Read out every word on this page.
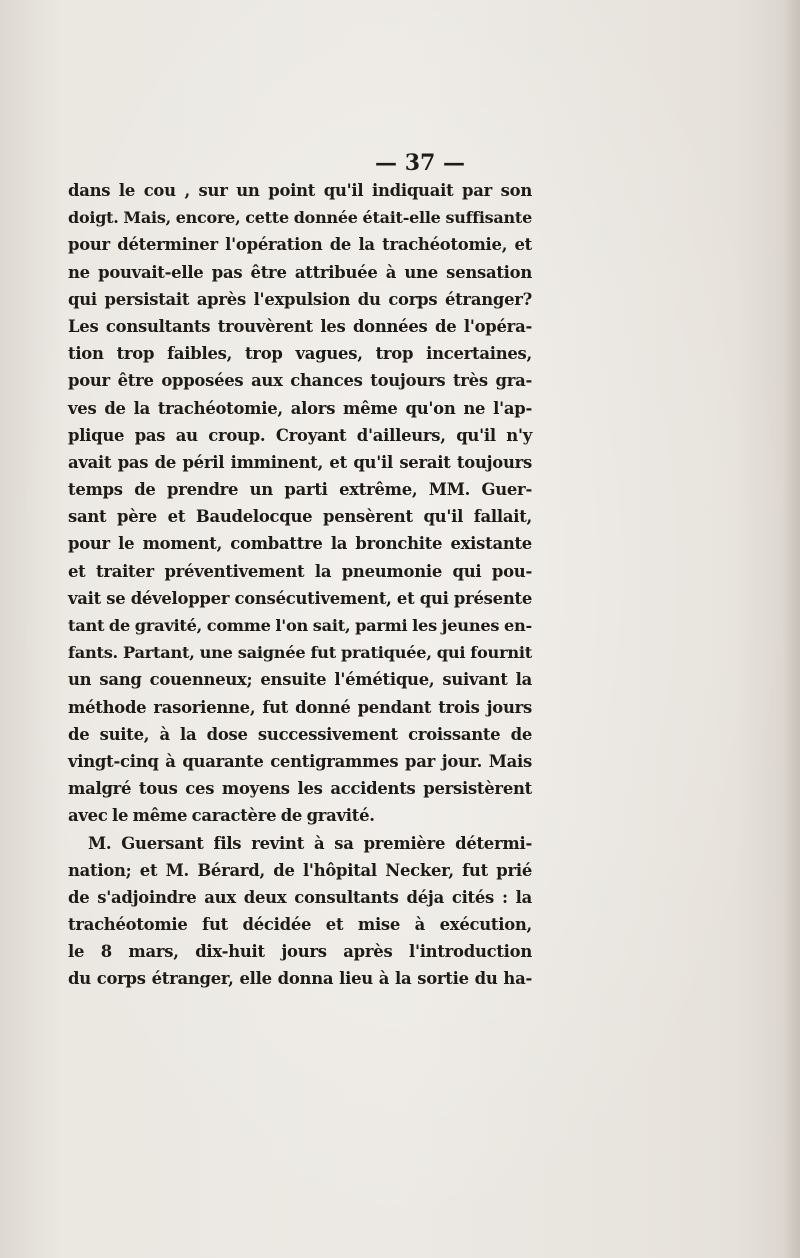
— 37 —
dans le cou , sur un point qu'il indiquait par son
doigt. Mais, encore, cette donnée était-elle suffisante
pour déterminer l'opération de la trachéotomie, et
ne pouvait-elle pas être attribuée à une sensation
qui persistait après l'expulsion du corps étranger?
Les consultants trouvèrent les données de l'opéra-
tion trop faibles, trop vagues, trop incertaines,
pour être opposées aux chances toujours très gra-
ves de la trachéotomie, alors même qu'on ne l'ap-
plique pas au croup. Croyant d'ailleurs, qu'il n'y
avait pas de péril imminent, et qu'il serait toujours
temps de prendre un parti extrême, MM. Guer-
sant père et Baudelocque pensèrent qu'il fallait,
pour le moment, combattre la bronchite existante
et traiter préventivement la pneumonie qui pou-
vait se développer consécutivement, et qui présente
tant de gravité, comme l'on sait, parmi les jeunes en-
fants. Partant, une saignée fut pratiquée, qui fournit
un sang couenneux; ensuite l'émétique, suivant la
méthode rasorienne, fut donné pendant trois jours
de suite, à la dose successivement croissante de
vingt-cinq à quarante centigrammes par jour. Mais
malgré tous ces moyens les accidents persistèrent
avec le même caractère de gravité.
M. Guersant fils revint à sa première détermi-
nation; et M. Bérard, de l'hôpital Necker, fut prié
de s'adjoindre aux deux consultants déja cités : la
trachéotomie fut décidée et mise à exécution,
le 8 mars, dix-huit jours après l'introduction
du corps étranger, elle donna lieu à la sortie du ha-
